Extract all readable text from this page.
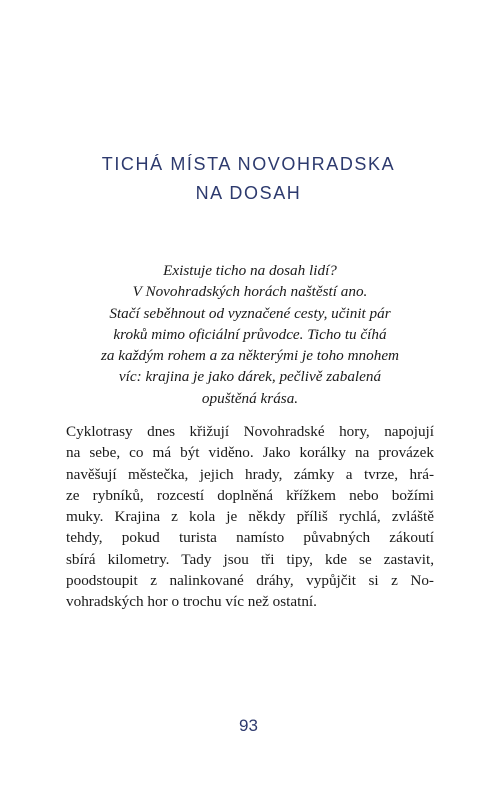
TICHÁ MÍSTA NOVOHRADSKA
NA DOSAH
Existuje ticho na dosah lidí?
V Novohradských horách naštěstí ano.
Stačí seběhnout od vyznačené cesty, učinit pár
kroků mimo oficiální průvodce. Ticho tu číhá
za každým rohem a za některými je toho mnohem
víc: krajina je jako dárek, pečlivě zabalená
opuštěná krása.
Cyklotrasy dnes křižují Novohradské hory, napojují
na sebe, co má být viděno. Jako korálky na provázek
navěšují městečka, jejich hrady, zámky a tvrze, hrá-
ze rybníků, rozcestí doplněná křížkem nebo božími
muky. Krajina z kola je někdy příliš rychlá, zvláště
tehdy, pokud turista namísto půvabných zákoutí
sbírá kilometry. Tady jsou tři tipy, kde se zastavit,
poodstoupit z nalinkované dráhy, vypůjčit si z No-
vohradských hor o trochu víc než ostatní.
93
